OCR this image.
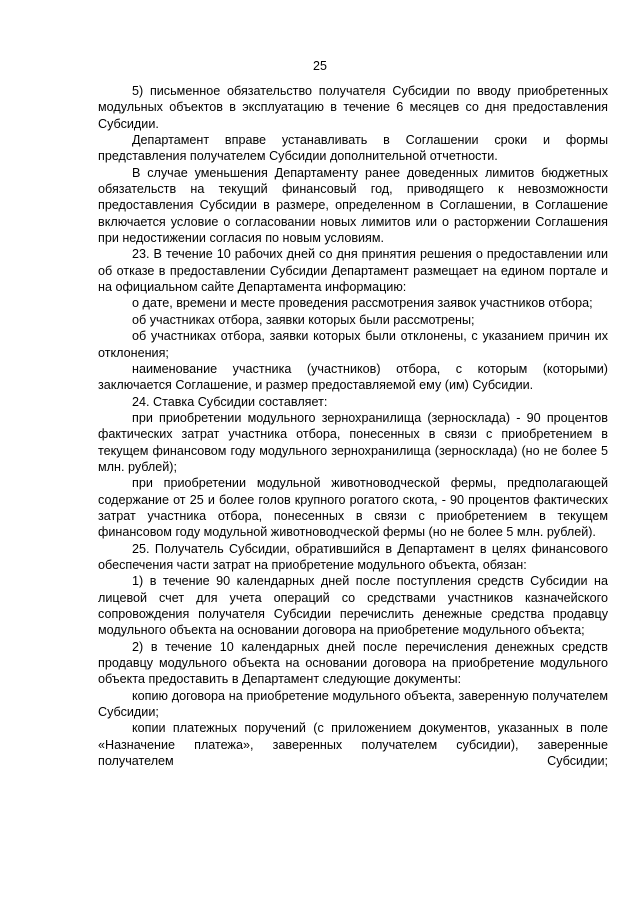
25

5) письменное обязательство получателя Субсидии по вводу приобретенных модульных объектов в эксплуатацию в течение 6 месяцев со дня предоставления Субсидии.

Департамент вправе устанавливать в Соглашении сроки и формы представления получателем Субсидии дополнительной отчетности.

В случае уменьшения Департаменту ранее доведенных лимитов бюджетных обязательств на текущий финансовый год, приводящего к невозможности предоставления Субсидии в размере, определенном в Соглашении, в Соглашение включается условие о согласовании новых лимитов или о расторжении Соглашения при недостижении согласия по новым условиям.

23. В течение 10 рабочих дней со дня принятия решения о предоставлении или об отказе в предоставлении Субсидии Департамент размещает на едином портале и на официальном сайте Департамента информацию:

о дате, времени и месте проведения рассмотрения заявок участников отбора;

об участниках отбора, заявки которых были рассмотрены;

об участниках отбора, заявки которых были отклонены, с указанием причин их отклонения;

наименование участника (участников) отбора, с которым (которыми) заключается Соглашение, и размер предоставляемой ему (им) Субсидии.

24. Ставка Субсидии составляет:

при приобретении модульного зернохранилища (зерносклада) - 90 процентов фактических затрат участника отбора, понесенных в связи с приобретением в текущем финансовом году модульного зернохранилища (зерносклада) (но не более 5 млн. рублей);

при приобретении модульной животноводческой фермы, предполагающей содержание от 25 и более голов крупного рогатого скота, - 90 процентов фактических затрат участника отбора, понесенных в связи с приобретением в текущем финансовом году модульной животноводческой фермы (но не более 5 млн. рублей).

25. Получатель Субсидии, обратившийся в Департамент в целях финансового обеспечения части затрат на приобретение модульного объекта, обязан:

1) в течение 90 календарных дней после поступления средств Субсидии на лицевой счет для учета операций со средствами участников казначейского сопровождения получателя Субсидии перечислить денежные средства продавцу модульного объекта на основании договора на приобретение модульного объекта;

2) в течение 10 календарных дней после перечисления денежных средств продавцу модульного объекта на основании договора на приобретение модульного объекта предоставить в Департамент следующие документы:

копию договора на приобретение модульного объекта, заверенную получателем Субсидии;

копии платежных поручений (с приложением документов, указанных в поле «Назначение платежа», заверенных получателем субсидии), заверенные получателем Субсидии;
